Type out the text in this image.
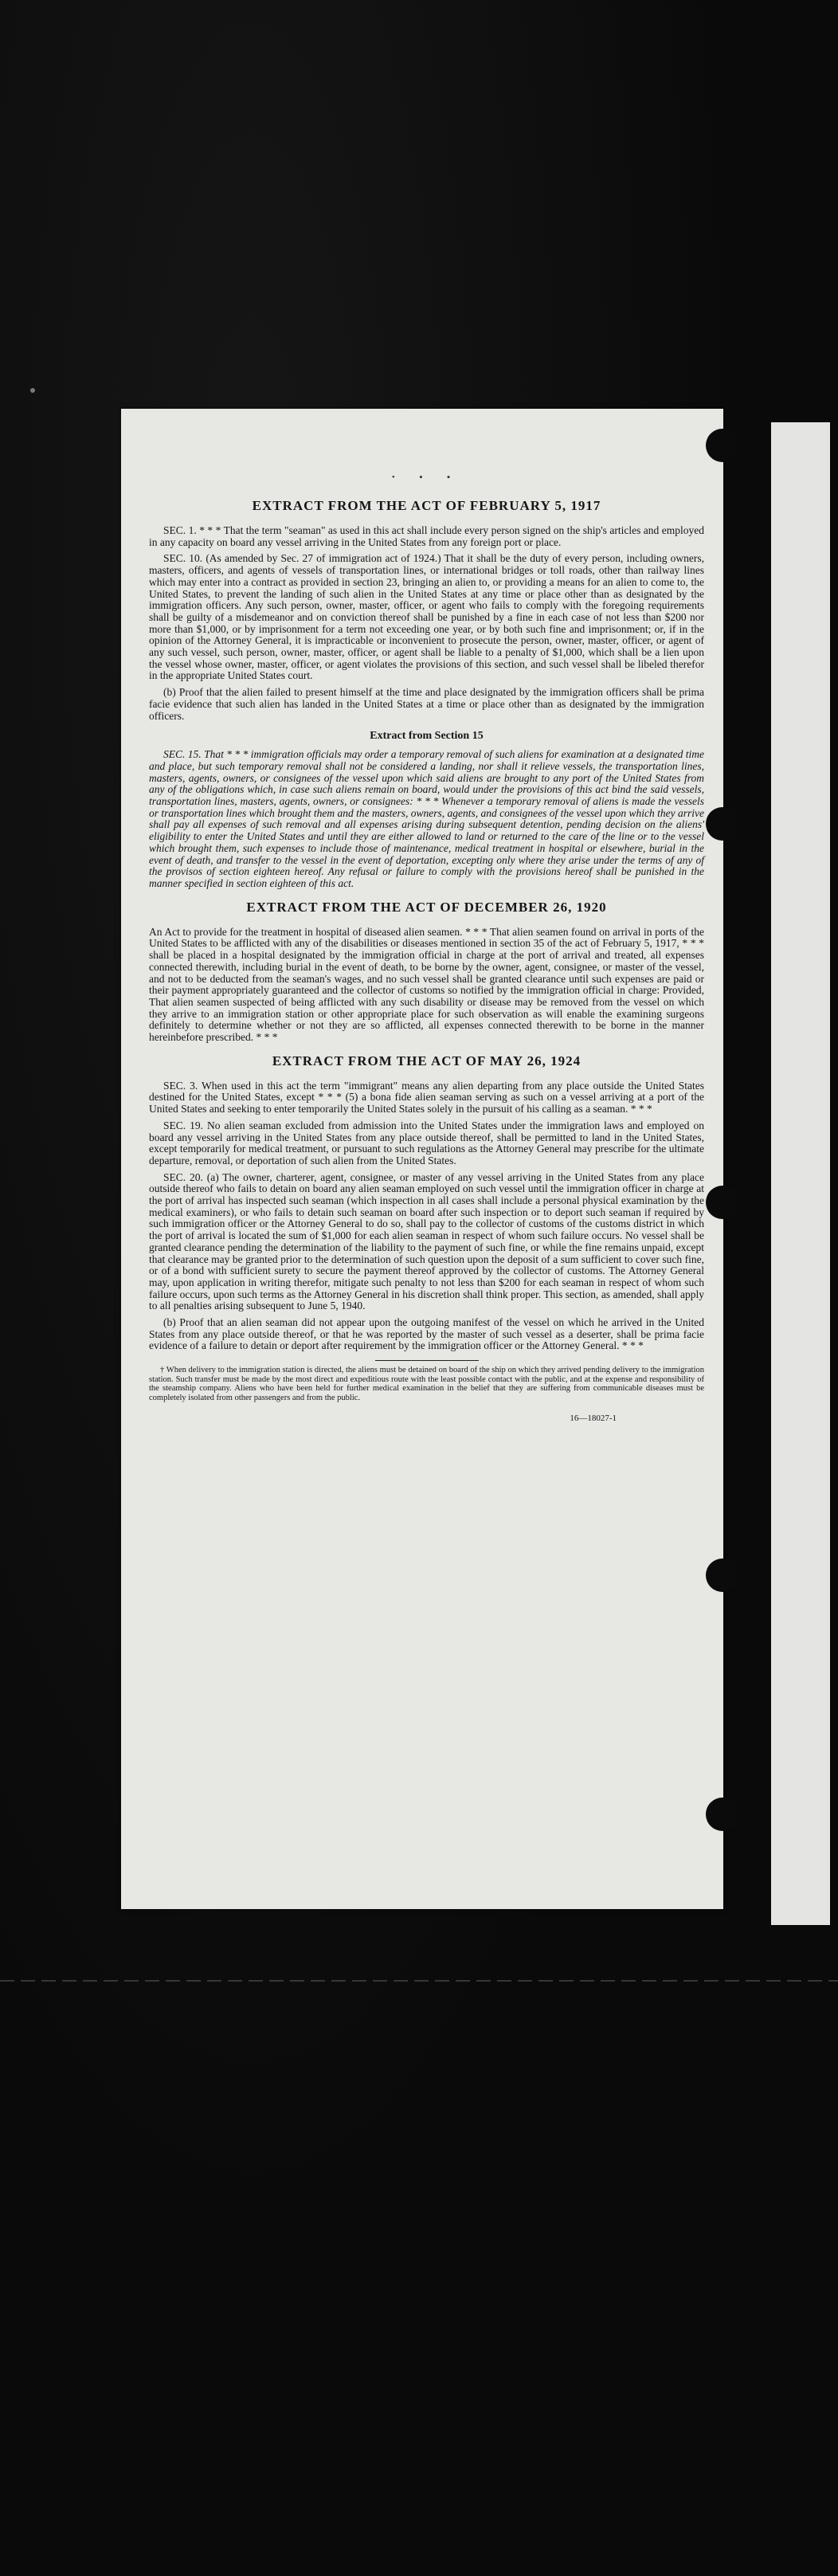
• ▪ ▪
EXTRACT FROM THE ACT OF FEBRUARY 5, 1917

SEC. 1. * * * That the term "seaman" as used in this act shall include every person signed on the ship's articles and employed in any capacity on board any vessel arriving in the United States from any foreign port or place.

SEC. 10. (As amended by Sec. 27 of immigration act of 1924.) That it shall be the duty of every person, including owners, masters, officers, and agents of vessels of transportation lines, or international bridges or toll roads, other than railway lines which may enter into a contract as provided in section 23, bringing an alien to, or providing a means for an alien to come to, the United States, to prevent the landing of such alien in the United States at any time or place other than as designated by the immigration officers. Any such person, owner, master, officer, or agent who fails to comply with the foregoing requirements shall be guilty of a misdemeanor and on conviction thereof shall be punished by a fine in each case of not less than $200 nor more than $1,000, or by imprisonment for a term not exceeding one year, or by both such fine and imprisonment; or, if in the opinion of the Attorney General, it is impracticable or inconvenient to prosecute the person, owner, master, officer, or agent of any such vessel, such person, owner, master, officer, or agent shall be liable to a penalty of $1,000, which shall be a lien upon the vessel whose owner, master, officer, or agent violates the provisions of this section, and such vessel shall be libeled therefor in the appropriate United States court.

(b) Proof that the alien failed to present himself at the time and place designated by the immigration officers shall be prima facie evidence that such alien has landed in the United States at a time or place other than as designated by the immigration officers.

Extract from Section 15

SEC. 15. That * * * immigration officials may order a temporary removal of such aliens for examination at a designated time and place, but such temporary removal shall not be considered a landing, nor shall it relieve vessels, the transportation lines, masters, agents, owners, or consignees of the vessel upon which said aliens are brought to any port of the United States from any of the obligations which, in case such aliens remain on board, would under the provisions of this act bind the said vessels, transportation lines, masters, agents, owners, or consignees: * * * Whenever a temporary removal of aliens is made the vessels or transportation lines which brought them and the masters, owners, agents, and consignees of the vessel upon which they arrive shall pay all expenses of such removal and all expenses arising during subsequent detention, pending decision on the aliens' eligibility to enter the United States and until they are either allowed to land or returned to the care of the line or to the vessel which brought them, such expenses to include those of maintenance, medical treatment in hospital or elsewhere, burial in the event of death, and transfer to the vessel in the event of deportation, excepting only where they arise under the terms of any of the provisos of section eighteen hereof. Any refusal or failure to comply with the provisions hereof shall be punished in the manner specified in section eighteen of this act.

EXTRACT FROM THE ACT OF DECEMBER 26, 1920

An Act to provide for the treatment in hospital of diseased alien seamen. * * * That alien seamen found on arrival in ports of the United States to be afflicted with any of the disabilities or diseases mentioned in section 35 of the act of February 5, 1917, * * * shall be placed in a hospital designated by the immigration official in charge at the port of arrival and treated, all expenses connected therewith, including burial in the event of death, to be borne by the owner, agent, consignee, or master of the vessel, and not to be deducted from the seaman's wages, and no such vessel shall be granted clearance until such expenses are paid or their payment appropriately guaranteed and the collector of customs so notified by the immigration official in charge: Provided, That alien seamen suspected of being afflicted with any such disability or disease may be removed from the vessel on which they arrive to an immigration station or other appropriate place for such observation as will enable the examining surgeons definitely to determine whether or not they are so afflicted, all expenses connected therewith to be borne in the manner hereinbefore prescribed. * * *

EXTRACT FROM THE ACT OF MAY 26, 1924

SEC. 3. When used in this act the term "immigrant" means any alien departing from any place outside the United States destined for the United States, except * * * (5) a bona fide alien seaman serving as such on a vessel arriving at a port of the United States and seeking to enter temporarily the United States solely in the pursuit of his calling as a seaman. * * *

SEC. 19. No alien seaman excluded from admission into the United States under the immigration laws and employed on board any vessel arriving in the United States from any place outside thereof, shall be permitted to land in the United States, except temporarily for medical treatment, or pursuant to such regulations as the Attorney General may prescribe for the ultimate departure, removal, or deportation of such alien from the United States.

SEC. 20. (a) The owner, charterer, agent, consignee, or master of any vessel arriving in the United States from any place outside thereof who fails to detain on board any alien seaman employed on such vessel until the immigration officer in charge at the port of arrival has inspected such seaman (which inspection in all cases shall include a personal physical examination by the medical examiners), or who fails to detain such seaman on board after such inspection or to deport such seaman if required by such immigration officer or the Attorney General to do so, shall pay to the collector of customs of the customs district in which the port of arrival is located the sum of $1,000 for each alien seaman in respect of whom such failure occurs. No vessel shall be granted clearance pending the determination of the liability to the payment of such fine, or while the fine remains unpaid, except that clearance may be granted prior to the determination of such question upon the deposit of a sum sufficient to cover such fine, or of a bond with sufficient surety to secure the payment thereof approved by the collector of customs. The Attorney General may, upon application in writing therefor, mitigate such penalty to not less than $200 for each seaman in respect of whom such failure occurs, upon such terms as the Attorney General in his discretion shall think proper. This section, as amended, shall apply to all penalties arising subsequent to June 5, 1940.

(b) Proof that an alien seaman did not appear upon the outgoing manifest of the vessel on which he arrived in the United States from any place outside thereof, or that he was reported by the master of such vessel as a deserter, shall be prima facie evidence of a failure to detain or deport after requirement by the immigration officer or the Attorney General. * * *

† When delivery to the immigration station is directed, the aliens must be detained on board of the ship on which they arrived pending delivery to the immigration station. Such transfer must be made by the most direct and expeditious route with the least possible contact with the public, and at the expense and responsibility of the steamship company. Aliens who have been held for further medical examination in the belief that they are suffering from communicable diseases must be completely isolated from other passengers and from the public.

16—18027-1
